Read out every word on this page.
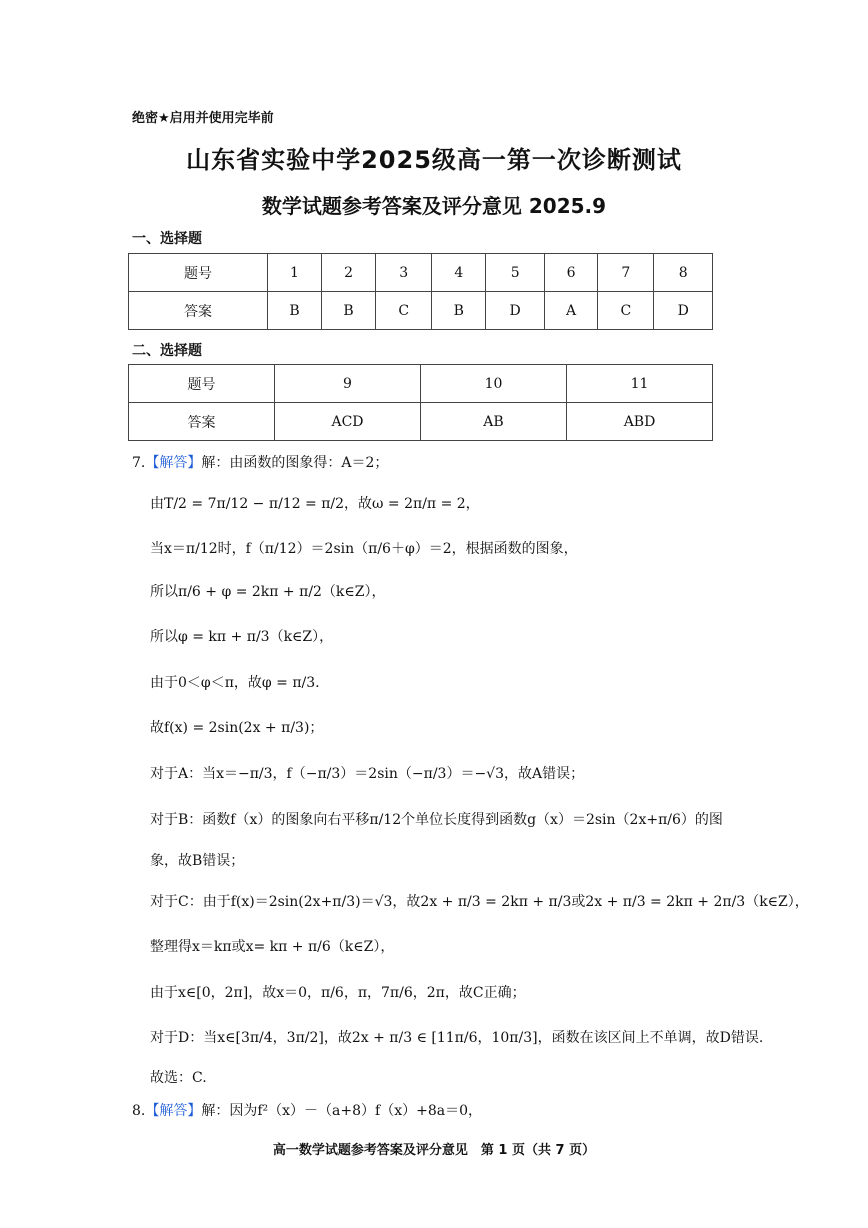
绝密★启用并使用完毕前
山东省实验中学2025级高一第一次诊断测试
数学试题参考答案及评分意见 2025.9
一、选择题
题号	1	2	3	4	5	6	7	8
答案	B	B	C	B	D	A	C	D
二、选择题
题号	9	10	11
答案	ACD	AB	ABD
7.【解答】解：由函数的图象得：A＝2；
由T/2 = 7π/12 − π/12 = π/2，故ω = 2π/π = 2，
当x＝π/12时，f（π/12）＝2sin（π/6＋φ）＝2，根据函数的图象，
所以π/6 + φ = 2kπ + π/2（k∈Z），
所以φ = kπ + π/3（k∈Z），
由于0＜φ＜π，故φ = π/3.
故f(x) = 2sin(2x + π/3)；
对于A：当x＝−π/3，f（−π/3）＝2sin（−π/3）＝−√3，故A错误；
对于B：函数f（x）的图象向右平移π/12个单位长度得到函数g（x）＝2sin（2x+π/6）的图
象，故B错误；
对于C：由于f(x)＝2sin(2x+π/3)＝√3，故2x + π/3 = 2kπ + π/3或2x + π/3 = 2kπ + 2π/3（k∈Z），
整理得x＝kπ或x= kπ + π/6（k∈Z），
由于x∈[0，2π]，故x＝0，π/6，π，7π/6，2π，故C正确；
对于D：当x∈[3π/4，3π/2]，故2x + π/3 ∈ [11π/6，10π/3]，函数在该区间上不单调，故D错误.
故选：C.
8.【解答】解：因为f²（x）－（a+8）f（x）+8a＝0，
高一数学试题参考答案及评分意见　第 1 页（共 7 页）
